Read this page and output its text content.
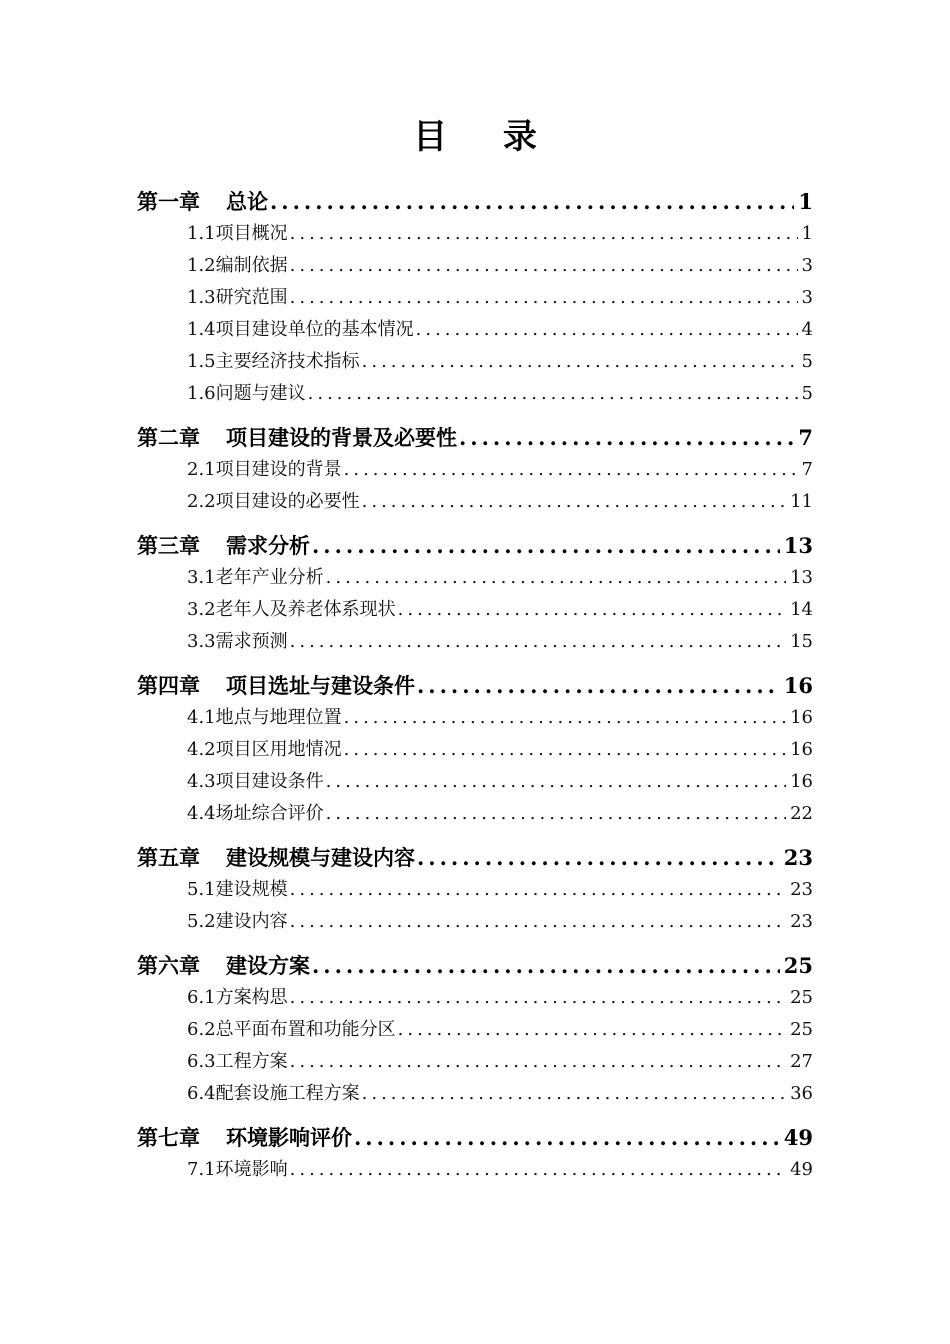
目 录
第一章 总论 .....	1
1.1 项目概况 .....	1
1.2 编制依据 .....	3
1.3 研究范围 .....	3
1.4 项目建设单位的基本情况 .....	4
1.5 主要经济技术指标 .....	5
1.6 问题与建议 .....	5
第二章 项目建设的背景及必要性 .....	7
2.1 项目建设的背景 .....	7
2.2 项目建设的必要性 .....	11
第三章 需求分析 .....	13
3.1 老年产业分析 .....	13
3.2 老年人及养老体系现状 .....	14
3.3 需求预测 .....	15
第四章 项目选址与建设条件 .....	16
4.1 地点与地理位置 .....	16
4.2 项目区用地情况 .....	16
4.3 项目建设条件 .....	16
4.4 场址综合评价 .....	22
第五章 建设规模与建设内容 .....	23
5.1 建设规模 .....	23
5.2 建设内容 .....	23
第六章 建设方案 .....	25
6.1 方案构思 .....	25
6.2 总平面布置和功能分区 .....	25
6.3 工程方案 .....	27
6.4 配套设施工程方案 .....	36
第七章 环境影响评价 .....	49
7.1 环境影响 .....	49
